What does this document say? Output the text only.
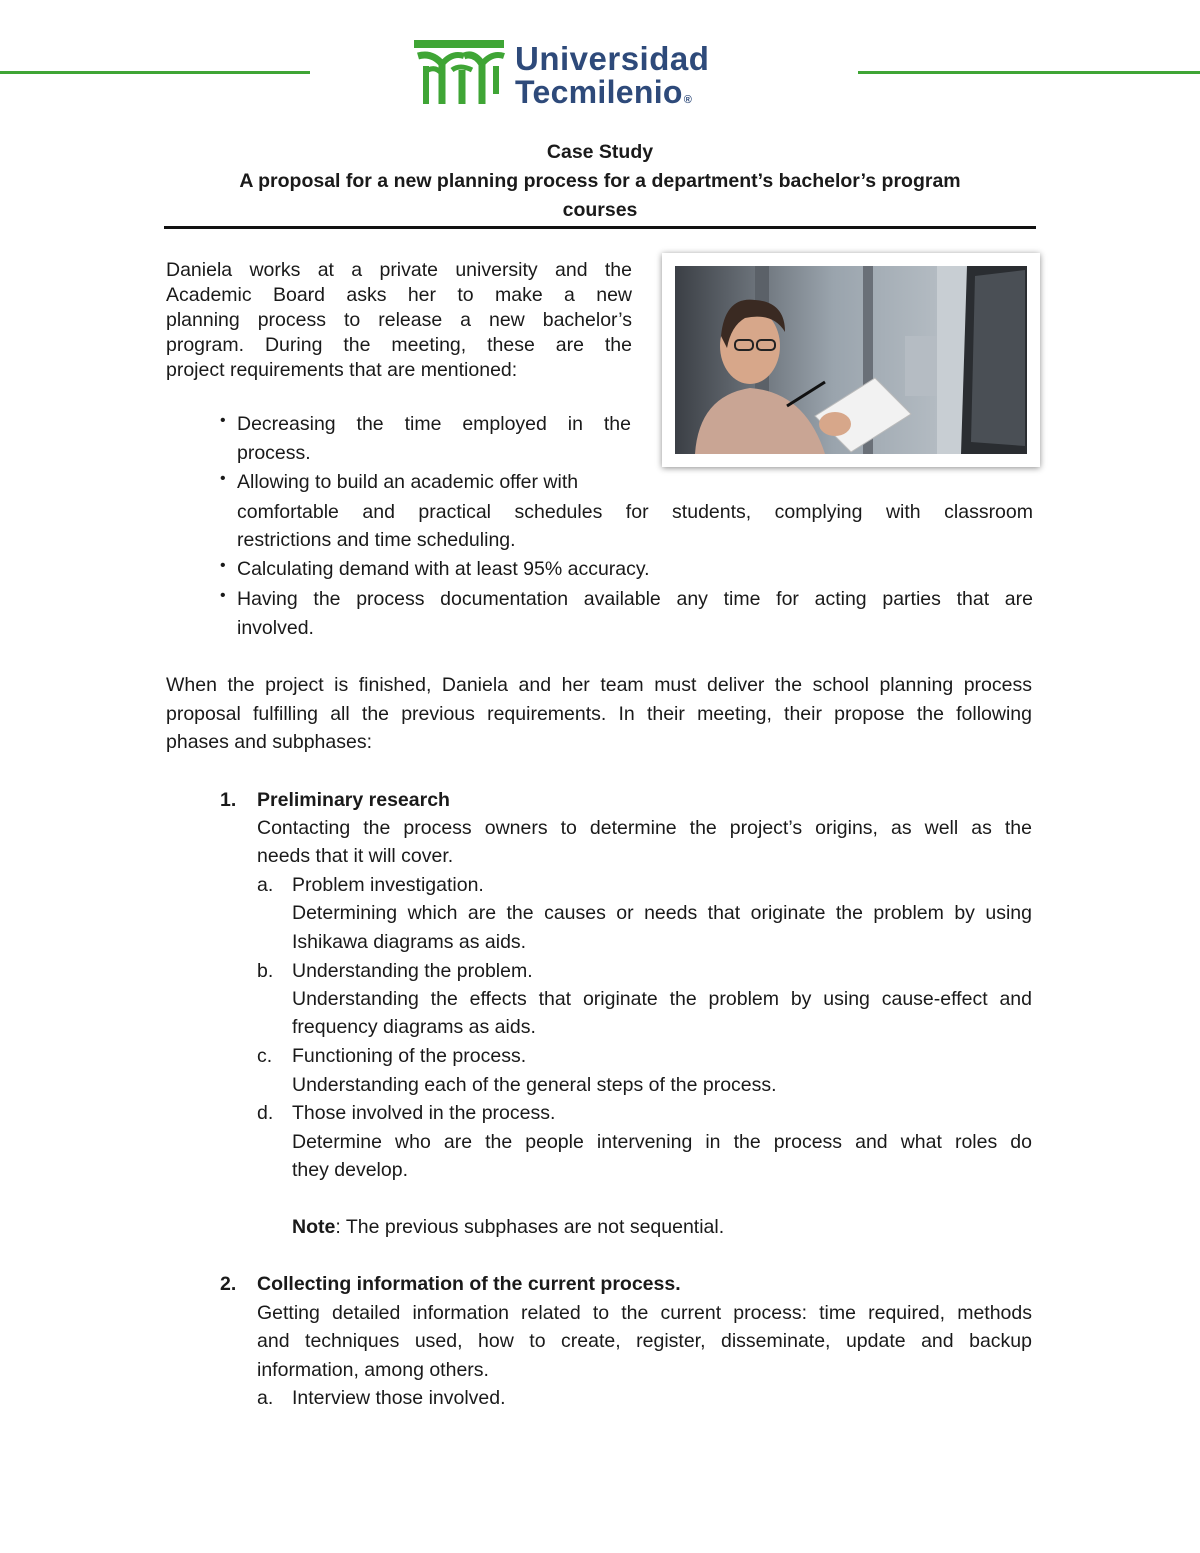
Universidad
Tecmilenio®
Case Study
A proposal for a new planning process for a department’s bachelor’s program
courses
Daniela works at a private university and the
Academic Board asks her to make a new
planning process to release a new bachelor’s
program. During the meeting, these are the
project requirements that are mentioned:
• Decreasing the time employed in the
process.
• Allowing to build an academic offer with
comfortable and practical schedules for students, complying with classroom
restrictions and time scheduling.
• Calculating demand with at least 95% accuracy.
• Having the process documentation available any time for acting parties that are
involved.
When the project is finished, Daniela and her team must deliver the school planning process
proposal fulfilling all the previous requirements. In their meeting, their propose the following
phases and subphases:
1. Preliminary research
Contacting the process owners to determine the project’s origins, as well as the
needs that it will cover.
a. Problem investigation.
Determining which are the causes or needs that originate the problem by using
Ishikawa diagrams as aids.
b. Understanding the problem.
Understanding the effects that originate the problem by using cause-effect and
frequency diagrams as aids.
c. Functioning of the process.
Understanding each of the general steps of the process.
d. Those involved in the process.
Determine who are the people intervening in the process and what roles do
they develop.
Note: The previous subphases are not sequential.
2. Collecting information of the current process.
Getting detailed information related to the current process: time required, methods
and techniques used, how to create, register, disseminate, update and backup
information, among others.
a. Interview those involved.
